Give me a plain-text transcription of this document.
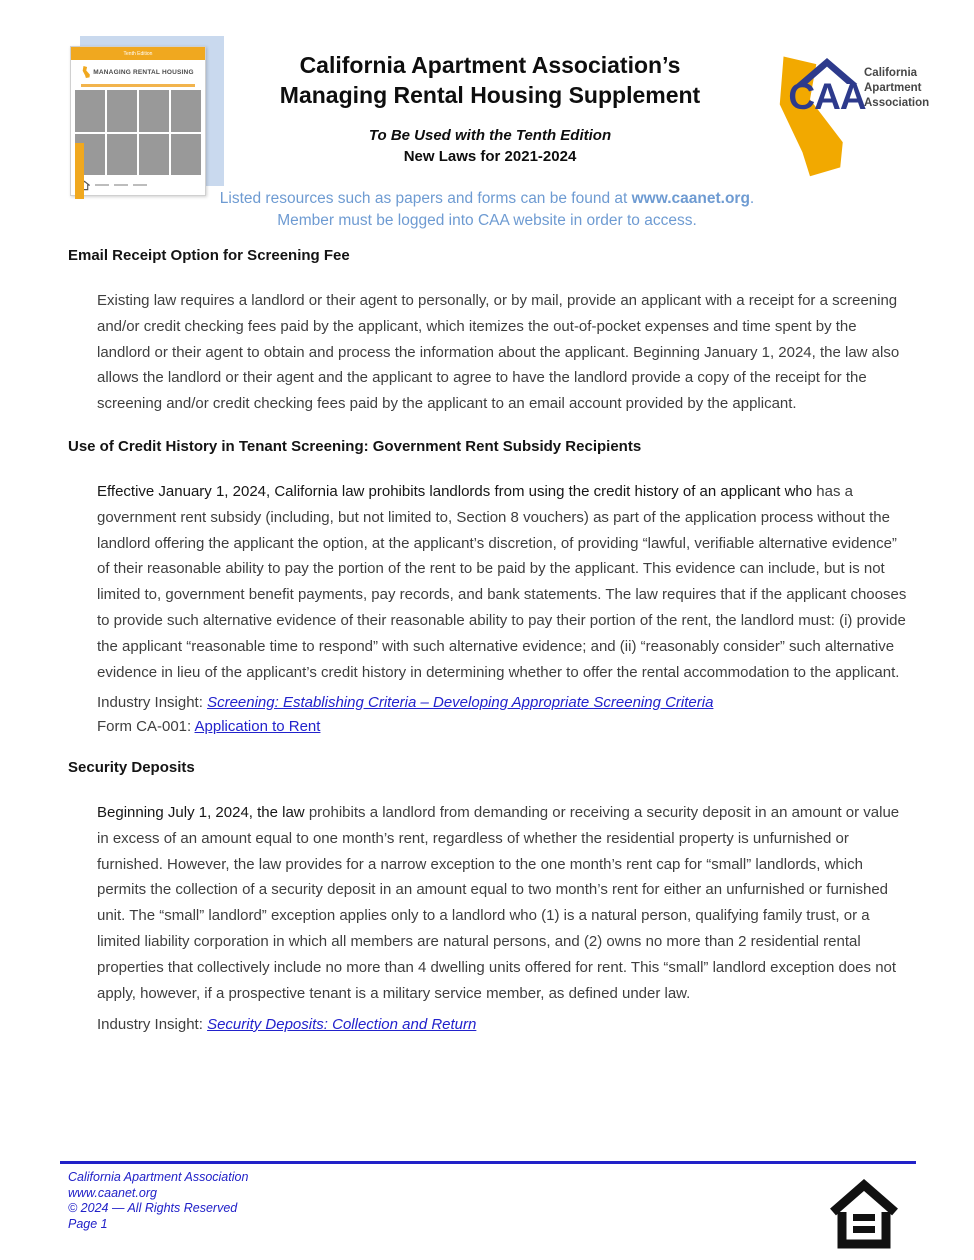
Tenth Edition
MANAGING RENTAL HOUSING	California Apartment Association’s
Managing Rental Housing Supplement
To Be Used with the Tenth Edition
New Laws for 2021-2024
CAA
California
Apartment
Association
Listed resources such as papers and forms can be found at www.caanet.org.
Member must be logged into CAA website in order to access.
Email Receipt Option for Screening Fee
Existing law requires a landlord or their agent to personally, or by mail, provide an applicant with a receipt for a screening and/or credit checking fees paid by the applicant, which itemizes the out-of-pocket expenses and time spent by the landlord or their agent to obtain and process the information about the applicant. Beginning January 1, 2024, the law also allows the landlord or their agent and the applicant to agree to have the landlord provide a copy of the receipt for the screening and/or credit checking fees paid by the applicant to an email account provided by the applicant.
Use of Credit History in Tenant Screening: Government Rent Subsidy Recipients
Effective January 1, 2024, California law prohibits landlords from using the credit history of an applicant who has a government rent subsidy (including, but not limited to, Section 8 vouchers) as part of the application process without the landlord offering the applicant the option, at the applicant’s discretion, of providing “lawful, verifiable alternative evidence” of their reasonable ability to pay the portion of the rent to be paid by the applicant. This evidence can include, but is not limited to, government benefit payments, pay records, and bank statements. The law requires that if the applicant chooses to provide such alternative evidence of their reasonable ability to pay their portion of the rent, the landlord must: (i) provide the applicant “reasonable time to respond” with such alternative evidence; and (ii) “reasonably consider” such alternative evidence in lieu of the applicant’s credit history in determining whether to offer the rental accommodation to the applicant.
Industry Insight: Screening: Establishing Criteria – Developing Appropriate Screening Criteria
Form CA-001: Application to Rent
Security Deposits
Beginning July 1, 2024, the law prohibits a landlord from demanding or receiving a security deposit in an amount or value in excess of an amount equal to one month’s rent, regardless of whether the residential property is unfurnished or furnished. However, the law provides for a narrow exception to the one month’s rent cap for “small” landlords, which permits the collection of a security deposit in an amount equal to two month’s rent for either an unfurnished or furnished unit. The “small” landlord” exception applies only to a landlord who (1) is a natural person, qualifying family trust, or a limited liability corporation in which all members are natural persons, and (2) owns no more than 2 residential rental properties that collectively include no more than 4 dwelling units offered for rent. This “small” landlord exception does not apply, however, if a prospective tenant is a military service member, as defined under law.
Industry Insight: Security Deposits: Collection and Return
California Apartment Association
www.caanet.org
© 2024 — All Rights Reserved
Page 1
